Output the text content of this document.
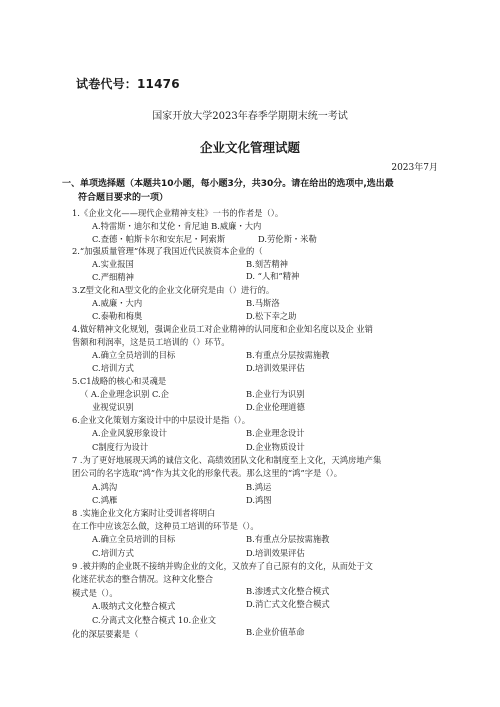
试卷代号：11476
国家开放大学2023年春季学期期末统一考试
企业文化管理试题
2023年7月
一、单项选择题（本题共10小题，每小题3分，共30分。请在给出的选项中,选出最
符合题目要求的一项）
1.《企业文化——现代企业精神支柱》一书的作者是（）。
A.特雷斯・迪尔和艾伦・肯尼迪 B.威廉・大内
C.查德・帕斯卡尔和安东尼・阿索斯	D.劳伦斯・米勒
2.“加强质量管理”体现了我国近代民族资本企业的（
A.实业报国	B.刻苦精神
C.严细精神	D. “人和”精神
3.Z型文化和A型文化的企业文化研究是由（）进行的。
A.威廉・大内	B.马斯洛
C.泰勒和梅奥	D.松下幸之助
4.做好精神文化规划，强调企业员工对企业精神的认同度和企业知名度以及企 业销
售额和利润率，这是员工培训的（）环节。
A.确立全员培训的目标	B.有重点分层按需施教
C.培训方式	D.培训效果评估
5.C1战略的核心和灵魂是
（ A.企业理念识别 C.企	B.企业行为识别
业视觉识别	D.企业伦理道德
6.企业文化策划方案设计中的中层设计是指（）。
A.企业风貌形象设计	B.企业理念设计
C制度行为设计	D.企业物质设计
7 .为了更好地展现天鸿的诚信文化、高绩效团队文化和制度至上文化，天鸿房地产集
团公司的名字选取“鸿”作为其文化的形象代表。那么这里的“鸿”字是（）。
A.鸿沟	B.鸿运
C.鸿雁	D.鸿图
8 .实施企业文化方案时让受训者将明白
在工作中应该怎么做，这种员工培训的环节是（）。
A.确立全员培训的目标	B.有重点分层按需施教
C.培训方式	D.培训效果评估
9 .被并购的企业既不接纳并购企业的文化，又放弃了自己原有的文化，从而处于文
化迷茫状态的整合情况。这种文化整合
模式是（）。	B.渗透式文化整合模式
A.吸纳式文化整合模式	D.消亡式文化整合模式
C.分离式文化整合模式 10.企业文
化的深层要素是（	B.企业价值革命
